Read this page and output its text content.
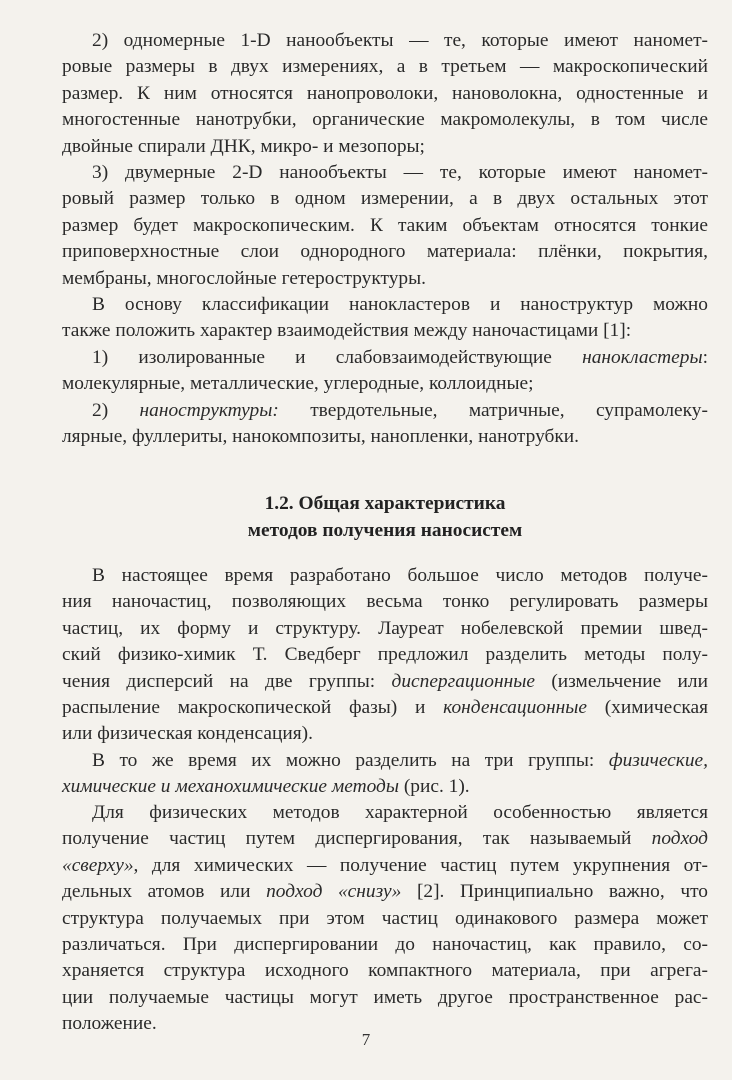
2) одномерные 1-D нанообъекты — те, которые имеют наномет-
ровые размеры в двух измерениях, а в третьем — макроскопический
размер. К ним относятся нанопроволоки, нановолокна, одностенные и
многостенные нанотрубки, органические макромолекулы, в том числе
двойные спирали ДНК, микро- и мезопоры;
3) двумерные 2-D нанообъекты — те, которые имеют наномет-
ровый размер только в одном измерении, а в двух остальных этот
размер будет макроскопическим. К таким объектам относятся тонкие
приповерхностные слои однородного материала: плёнки, покрытия,
мембраны, многослойные гетероструктуры.
В основу классификации нанокластеров и наноструктур можно
также положить характер взаимодействия между наночастицами [1]:
1) изолированные и слабовзаимодействующие нанокластеры:
молекулярные, металлические, углеродные, коллоидные;
2) наноструктуры: твердотельные, матричные, супрамолеку-
лярные, фуллериты, нанокомпозиты, нанопленки, нанотрубки.
1.2. Общая характеристика
методов получения наносистем
В настоящее время разработано большое число методов получе-
ния наночастиц, позволяющих весьма тонко регулировать размеры
частиц, их форму и структуру. Лауреат нобелевской премии швед-
ский физико-химик Т. Сведберг предложил разделить методы полу-
чения дисперсий на две группы: диспергационные (измельчение или
распыление макроскопической фазы) и конденсационные (химическая
или физическая конденсация).
В то же время их можно разделить на три группы: физические,
химические и механохимические методы (рис. 1).
Для физических методов характерной особенностью является
получение частиц путем диспергирования, так называемый подход
«сверху», для химических — получение частиц путем укрупнения от-
дельных атомов или подход «снизу» [2]. Принципиально важно, что
структура получаемых при этом частиц одинакового размера может
различаться. При диспергировании до наночастиц, как правило, со-
храняется структура исходного компактного материала, при агрега-
ции получаемые частицы могут иметь другое пространственное рас-
положение.
7
